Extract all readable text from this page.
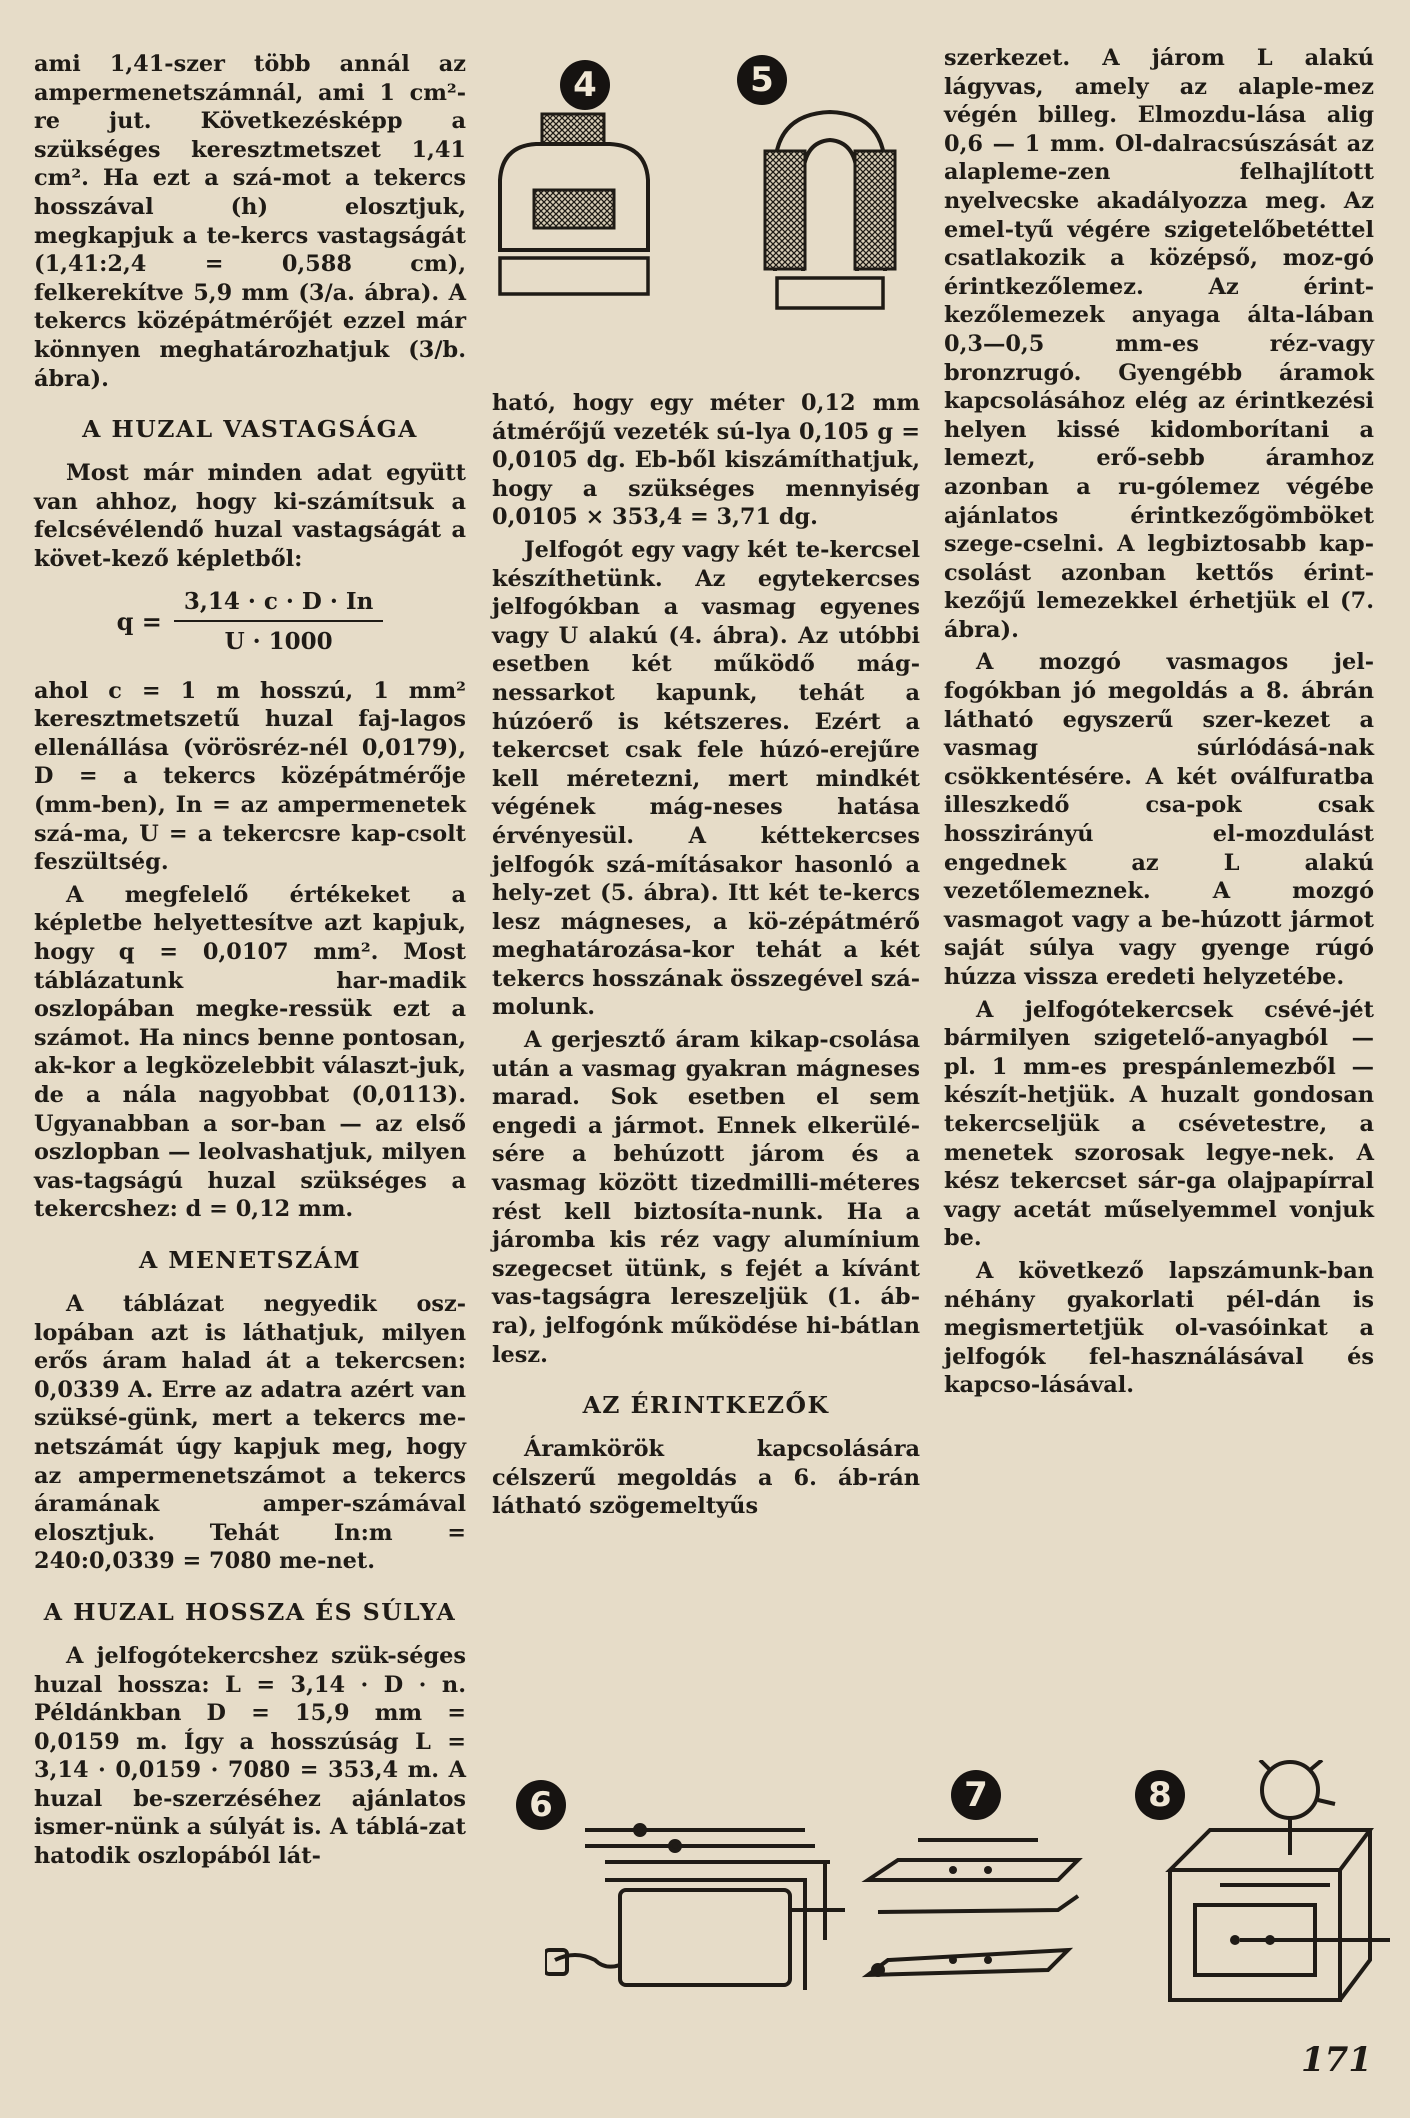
ami 1,41-szer több annál az ampermenetszámnál, ami 1 cm²-re jut. Következésképp a szükséges keresztmetszet 1,41 cm². Ha ezt a szá-mot a tekercs hosszával (h) elosztjuk, megkapjuk a te-kercs vastagságát (1,41:2,4 = 0,588 cm), felkerekítve 5,9 mm (3/a. ábra). A tekercs középátmérőjét ezzel már könnyen meghatározhatjuk (3/b. ábra).

A HUZAL VASTAGSÁGA

Most már minden adat együtt van ahhoz, hogy ki-számítsuk a felcsévélendő huzal vastagságát a követ-kező képletből:

$q = \frac{3,14 \cdot c \cdot D \cdot In}{U \cdot 1000}$

ahol c = 1 m hosszú, 1 mm² keresztmetszetű huzal faj-lagos ellenállása (vörösréz-nél 0,0179), D = a tekercs középátmérője (mm-ben), In = az ampermenetek szá-ma, U = a tekercsre kap-csolt feszültség.

A megfelelő értékeket a képletbe helyettesítve azt kapjuk, hogy q = 0,0107 mm². Most táblázatunk har-madik oszlopában megke-ressük ezt a számot. Ha nincs benne pontosan, ak-kor a legközelebbit választ-juk, de a nála nagyobbat (0,0113). Ugyanabban a sor-ban — az első oszlopban — leolvashatjuk, milyen vas-tagságú huzal szükséges a tekercshez: d = 0,12 mm.

A MENETSZÁM

A táblázat negyedik osz-lopában azt is láthatjuk, milyen erős áram halad át a tekercsen: 0,0339 A. Erre az adatra azért van szüksé-günk, mert a tekercs me-netszámát úgy kapjuk meg, hogy az ampermenetszámot a tekercs áramának amper-számával elosztjuk. Tehát In:m = 240:0,0339 = 7080 me-net.

A HUZAL HOSSZA ÉS SÚLYA

A jelfogótekercshez szük-séges huzal hossza: L = 3,14 · D · n. Példánkban D = 15,9 mm = 0,0159 m. Így a hosszúság L = 3,14 · 0,0159 · 7080 = 353,4 m. A huzal be-szerzéséhez ajánlatos ismer-nünk a súlyát is. A táblá-zat hatodik oszlopából lát-

4	5

ható, hogy egy méter 0,12 mm átmérőjű vezeték sú-lya 0,105 g = 0,0105 dg. Eb-ből kiszámíthatjuk, hogy a szükséges mennyiség 0,0105 × 353,4 = 3,71 dg.

Jelfogót egy vagy két te-kercsel készíthetünk. Az egytekercses jelfogókban a vasmag egyenes vagy U alakú (4. ábra). Az utóbbi esetben két működő mág-nessarkot kapunk, tehát a húzóerő is kétszeres. Ezért a tekercset csak fele húzó-erejűre kell méretezni, mert mindkét végének mág-neses hatása érvényesül. A kéttekercses jelfogók szá-mításakor hasonló a hely-zet (5. ábra). Itt két te-kercs lesz mágneses, a kö-zépátmérő meghatározása-kor tehát a két tekercs hosszának összegével szá-molunk.

A gerjesztő áram kikap-csolása után a vasmag gyakran mágneses marad. Sok esetben el sem engedi a jármot. Ennek elkerülé-sére a behúzott járom és a vasmag között tizedmilli-méteres rést kell biztosíta-nunk. Ha a járomba kis réz vagy alumínium szegecset ütünk, s fejét a kívánt vas-tagságra lereszeljük (1. áb-ra), jelfogónk működése hi-bátlan lesz.

AZ ÉRINTKEZŐK

Áramkörök kapcsolására célszerű megoldás a 6. áb-rán látható szögemeltyűs

szerkezet. A járom L alakú lágyvas, amely az alaple-mez végén billeg. Elmozdu-lása alig 0,6 — 1 mm. Ol-dalracsúszását az alapleme-zen felhajlított nyelvecske akadályozza meg. Az emel-tyű végére szigetelőbetéttel csatlakozik a középső, moz-gó érintkezőlemez. Az érint-kezőlemezek anyaga álta-lában 0,3—0,5 mm-es réz-vagy bronzrugó. Gyengébb áramok kapcsolásához elég az érintkezési helyen kissé kidomborítani a lemezt, erő-sebb áramhoz azonban a ru-gólemez végébe ajánlatos érintkezőgömböket szege-cselni. A legbiztosabb kap-csolást azonban kettős érint-kezőjű lemezekkel érhetjük el (7. ábra).

A mozgó vasmagos jel-fogókban jó megoldás a 8. ábrán látható egyszerű szer-kezet a vasmag súrlódásá-nak csökkentésére. A két oválfuratba illeszkedő csa-pok csak hosszirányú el-mozdulást engednek az L alakú vezetőlemeznek. A mozgó vasmagot vagy a be-húzott jármot saját súlya vagy gyenge rúgó húzza vissza eredeti helyzetébe.

A jelfogótekercsek csévé-jét bármilyen szigetelő-anyagból — pl. 1 mm-es prespánlemezből — készít-hetjük. A huzalt gondosan tekercseljük a csévetestre, a menetek szorosak legye-nek. A kész tekercset sár-ga olajpapírral vagy acetát műselyemmel vonjuk be.

A következő lapszámunk-ban néhány gyakorlati pél-dán is megismertetjük ol-vasóinkat a jelfogók fel-használásával és kapcso-lásával.

6	7	8
171
